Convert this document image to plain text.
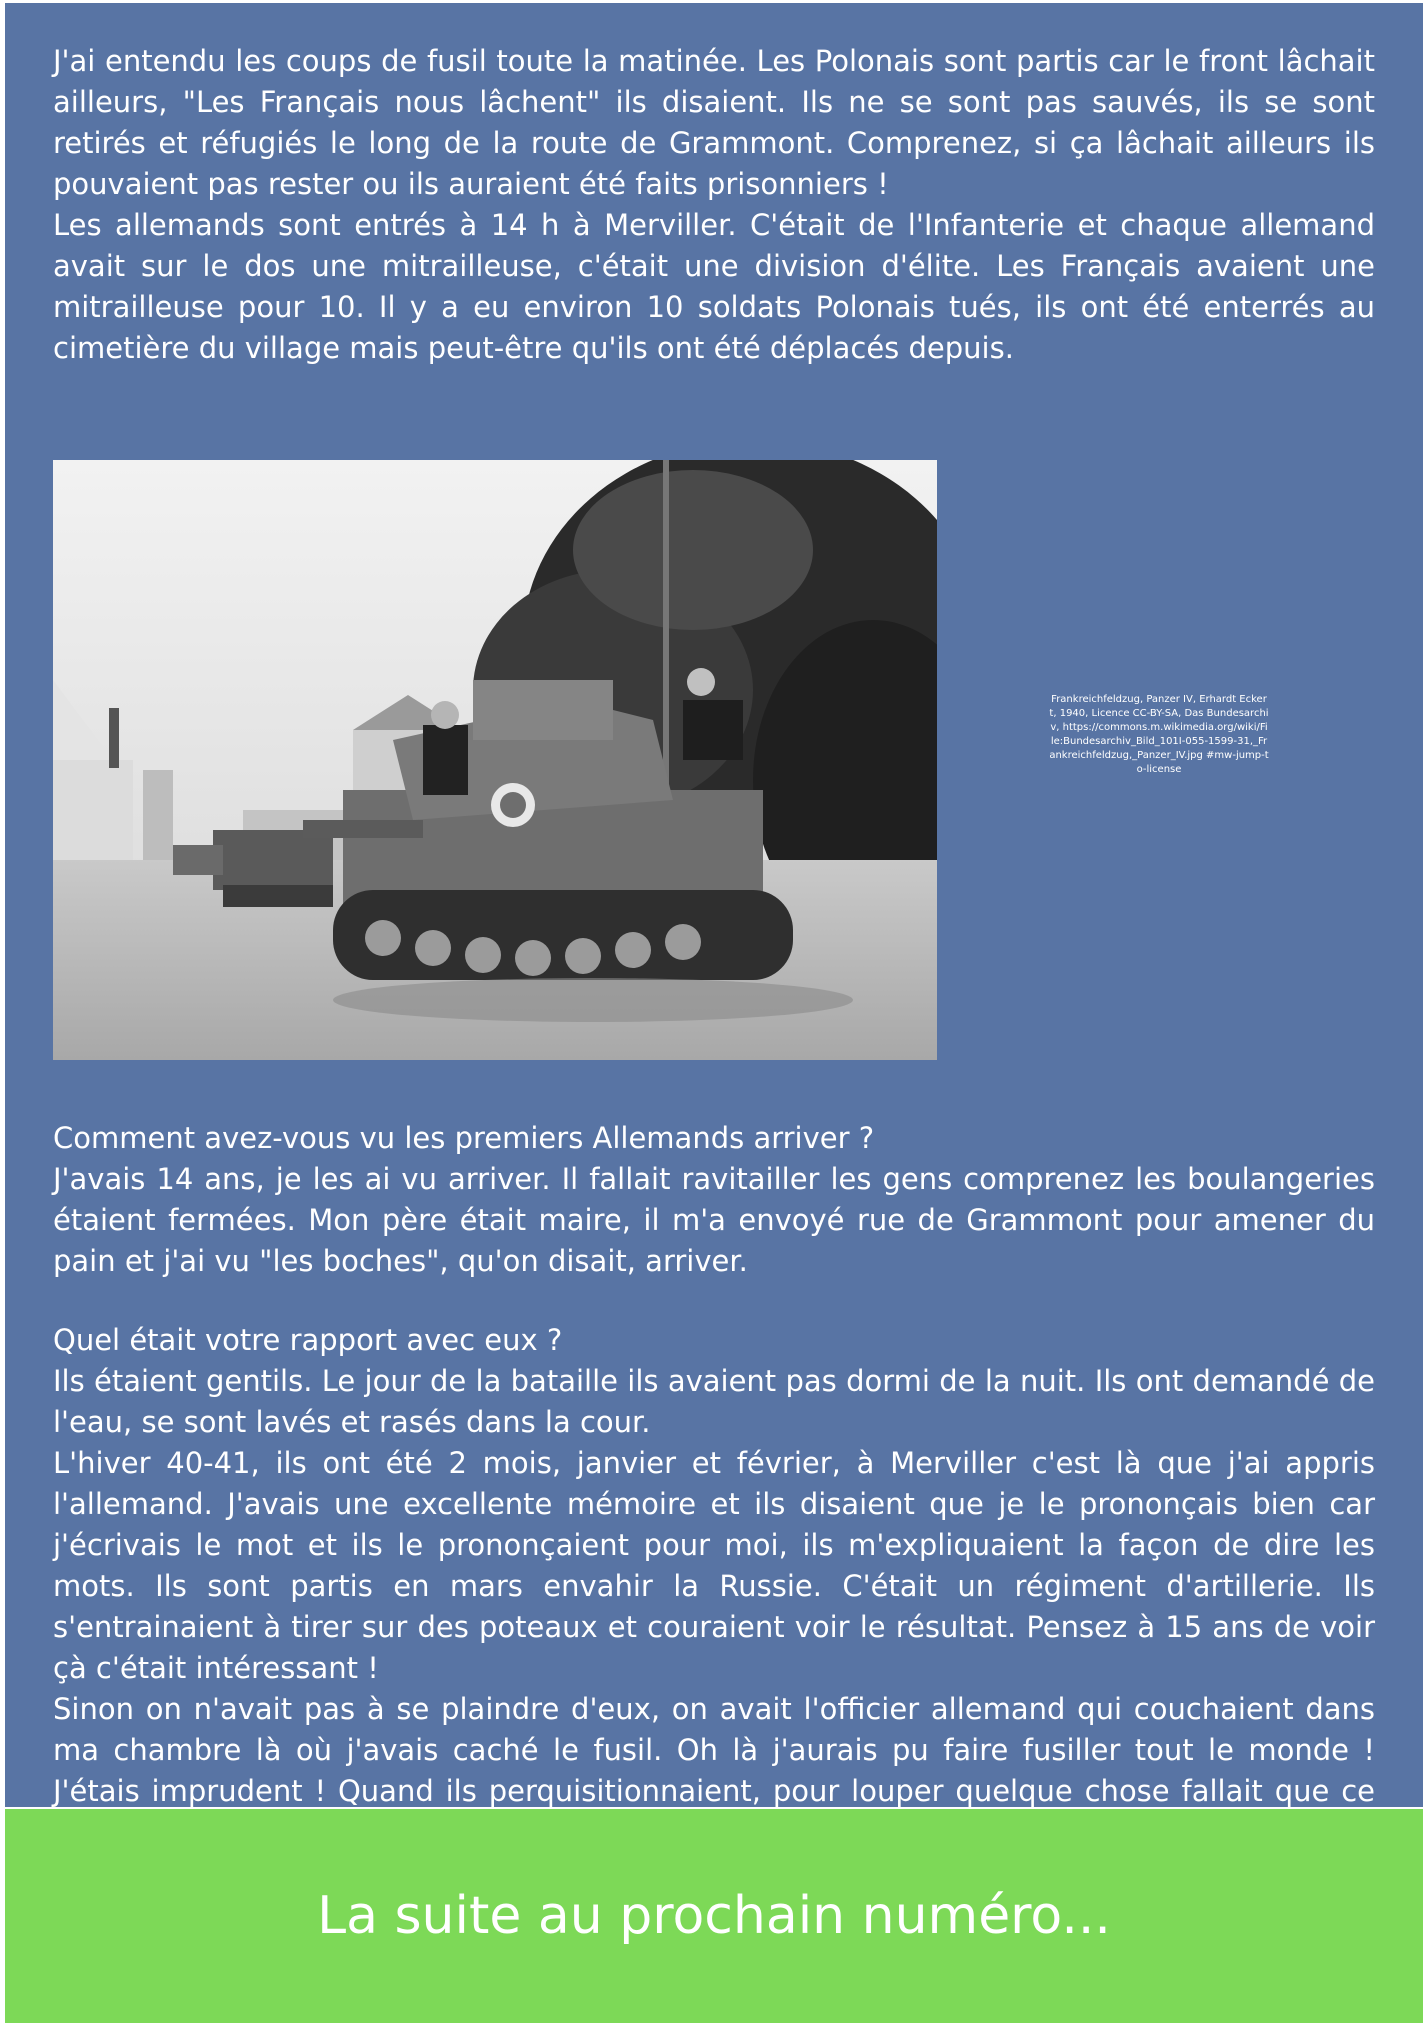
J'ai entendu les coups de fusil toute la matinée. Les Polonais sont partis car le front lâchait ailleurs, "Les Français nous lâchent" ils disaient. Ils ne se sont pas sauvés, ils se sont retirés et réfugiés le long de la route de Grammont. Comprenez, si ça lâchait ailleurs ils pouvaient pas rester ou ils auraient été faits prisonniers !
Les allemands sont entrés à 14 h à Merviller. C'était de l'Infanterie et chaque allemand avait sur le dos une mitrailleuse, c'était une division d'élite. Les Français avaient une mitrailleuse pour 10. Il y a eu environ 10 soldats Polonais tués, ils ont été enterrés au cimetière du village mais peut-être qu'ils ont été déplacés depuis.
Frankreichfeldzug, Panzer IV, Erhardt Eckert, 1940, Licence CC-BY-SA, Das Bundesarchiv, https://commons.m.wikimedia.org/wiki/File:Bundesarchiv_Bild_101I-055-1599-31,_Frankreichfeldzug,_Panzer_IV.jpg #mw-jump-to-license
Comment avez-vous vu les premiers Allemands arriver ?
J'avais 14 ans, je les ai vu arriver. Il fallait ravitailler les gens comprenez les boulangeries étaient fermées. Mon père était maire, il m'a envoyé rue de Grammont pour amener du pain et j'ai vu "les boches", qu'on disait, arriver.
Quel était votre rapport avec eux ?
Ils étaient gentils. Le jour de la bataille ils avaient pas dormi de la nuit. Ils ont demandé de l'eau, se sont lavés et rasés dans la cour.
L'hiver 40-41, ils ont été 2 mois, janvier et février, à Merviller c'est là que j'ai appris l'allemand. J'avais une excellente mémoire et ils disaient que je le prononçais bien car j'écrivais le mot et ils le prononçaient pour moi, ils m'expliquaient la façon de dire les mots. Ils sont partis en mars envahir la Russie. C'était un régiment d'artillerie. Ils s'entrainaient à tirer sur des poteaux et couraient voir le résultat. Pensez à 15 ans de voir çà c'était intéressant !
Sinon on n'avait pas à se plaindre d'eux, on avait l'officier allemand qui couchaient dans ma chambre là où j'avais caché le fusil. Oh là j'aurais pu faire fusiller tout le monde ! J'étais imprudent ! Quand ils perquisitionnaient, pour louper quelque chose fallait que ce
La suite au prochain numéro...
